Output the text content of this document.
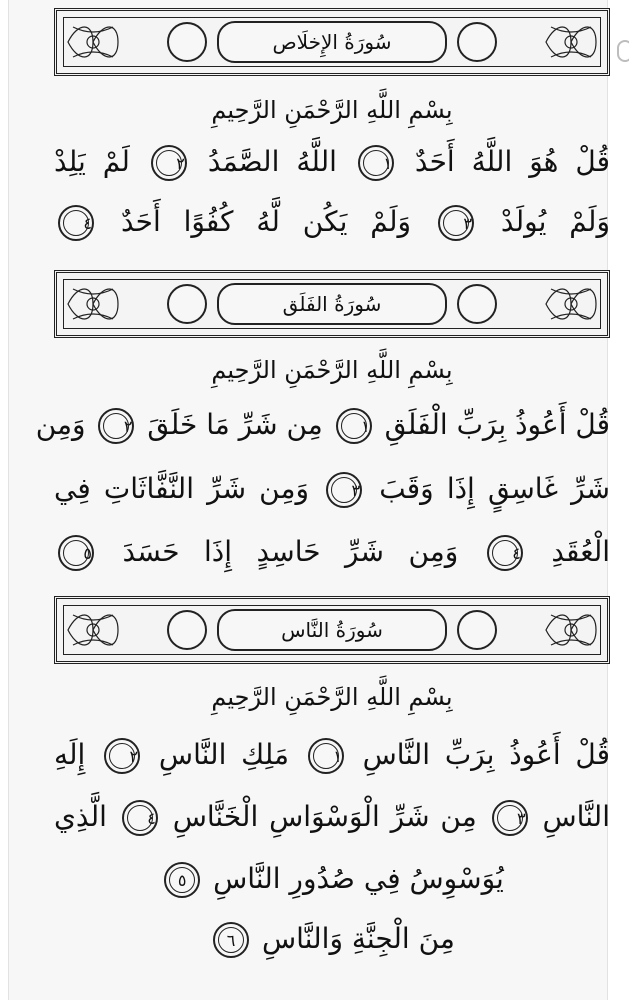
سُورَةُ الإِخلَاص
بِسْمِ اللَّهِ الرَّحْمَنِ الرَّحِيمِ
قُلْ هُوَ اللَّهُ أَحَدٌ ١ اللَّهُ الصَّمَدُ ٢ لَمْ يَلِدْ
وَلَمْ يُولَدْ ٣ وَلَمْ يَكُن لَّهُ كُفُوًا أَحَدٌ ٤
سُورَةُ الفَلَق
بِسْمِ اللَّهِ الرَّحْمَنِ الرَّحِيمِ
قُلْ أَعُوذُ بِرَبِّ الْفَلَقِ ١ مِن شَرِّ مَا خَلَقَ ٢ وَمِن
شَرِّ غَاسِقٍ إِذَا وَقَبَ ٣ وَمِن شَرِّ النَّفَّاثَاتِ فِي
الْعُقَدِ ٤ وَمِن شَرِّ حَاسِدٍ إِذَا حَسَدَ ٥
سُورَةُ النَّاس
بِسْمِ اللَّهِ الرَّحْمَنِ الرَّحِيمِ
قُلْ أَعُوذُ بِرَبِّ النَّاسِ ١ مَلِكِ النَّاسِ ٢ إِلَهِ
النَّاسِ ٣ مِن شَرِّ الْوَسْوَاسِ الْخَنَّاسِ ٤ الَّذِي
يُوَسْوِسُ فِي صُدُورِ النَّاسِ ٥
مِنَ الْجِنَّةِ وَالنَّاسِ ٦
